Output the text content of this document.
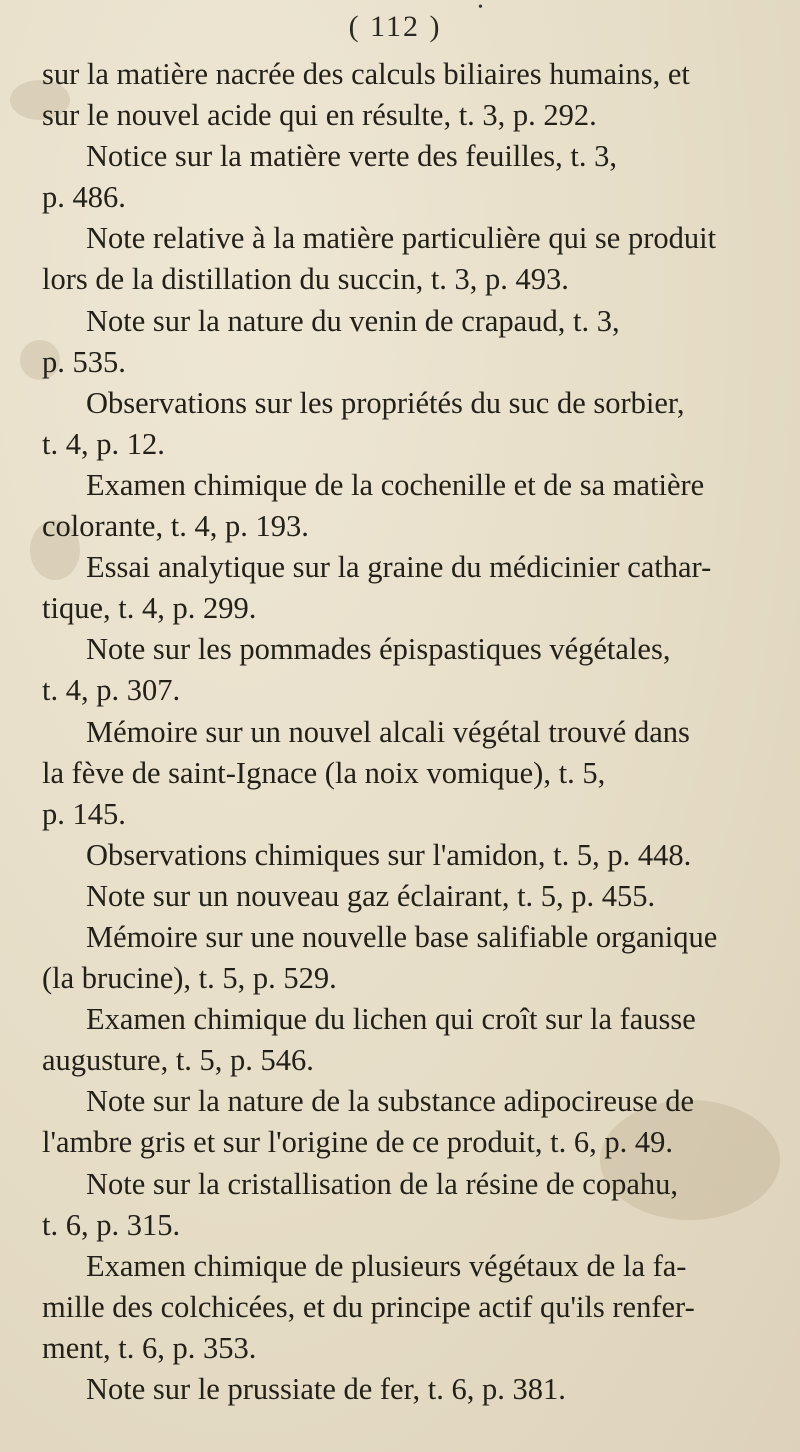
•
( 112 )

sur la matière nacrée des calculs biliaires humains, et
sur le nouvel acide qui en résulte, t. 3, p. 292.

Notice sur la matière verte des feuilles, t. 3,
p. 486.

Note relative à la matière particulière qui se produit
lors de la distillation du succin, t. 3, p. 493.

Note sur la nature du venin de crapaud, t. 3,
p. 535.

Observations sur les propriétés du suc de sorbier,
t. 4, p. 12.

Examen chimique de la cochenille et de sa matière
colorante, t. 4, p. 193.

Essai analytique sur la graine du médicinier cathar-
tique, t. 4, p. 299.

Note sur les pommades épispastiques végétales,
t. 4, p. 307.

Mémoire sur un nouvel alcali végétal trouvé dans
la fève de saint-Ignace (la noix vomique), t. 5,
p. 145.

Observations chimiques sur l'amidon, t. 5, p. 448.

Note sur un nouveau gaz éclairant, t. 5, p. 455.

Mémoire sur une nouvelle base salifiable organique
(la brucine), t. 5, p. 529.

Examen chimique du lichen qui croît sur la fausse
augusture, t. 5, p. 546.

Note sur la nature de la substance adipocireuse de
l'ambre gris et sur l'origine de ce produit, t. 6, p. 49.

Note sur la cristallisation de la résine de copahu,
t. 6, p. 315.

Examen chimique de plusieurs végétaux de la fa-
mille des colchicées, et du principe actif qu'ils renfer-
ment, t. 6, p. 353.

Note sur le prussiate de fer, t. 6, p. 381.
